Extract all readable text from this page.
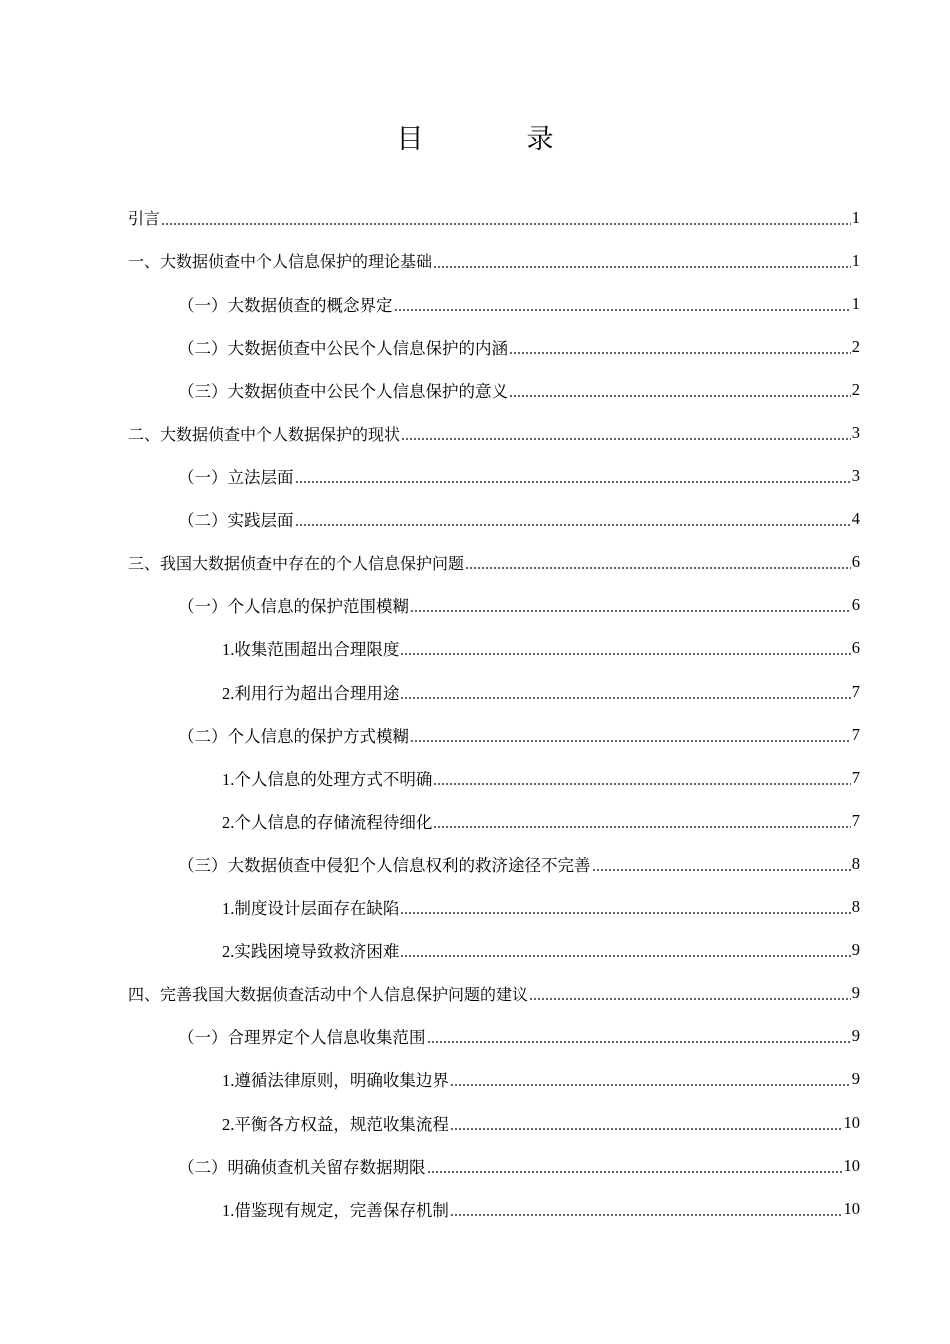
目　录
引言	1
一、大数据侦查中个人信息保护的理论基础	1
（一）大数据侦查的概念界定	1
（二）大数据侦查中公民个人信息保护的内涵	2
（三）大数据侦查中公民个人信息保护的意义	2
二、大数据侦查中个人数据保护的现状	3
（一）立法层面	3
（二）实践层面	4
三、我国大数据侦查中存在的个人信息保护问题	6
（一）个人信息的保护范围模糊	6
1.收集范围超出合理限度	6
2.利用行为超出合理用途	7
（二）个人信息的保护方式模糊	7
1.个人信息的处理方式不明确	7
2.个人信息的存储流程待细化	7
（三）大数据侦查中侵犯个人信息权利的救济途径不完善	8
1.制度设计层面存在缺陷	8
2.实践困境导致救济困难	9
四、完善我国大数据侦查活动中个人信息保护问题的建议	9
（一）合理界定个人信息收集范围	9
1.遵循法律原则，明确收集边界	9
2.平衡各方权益，规范收集流程	10
（二）明确侦查机关留存数据期限	10
1.借鉴现有规定，完善保存机制	10
